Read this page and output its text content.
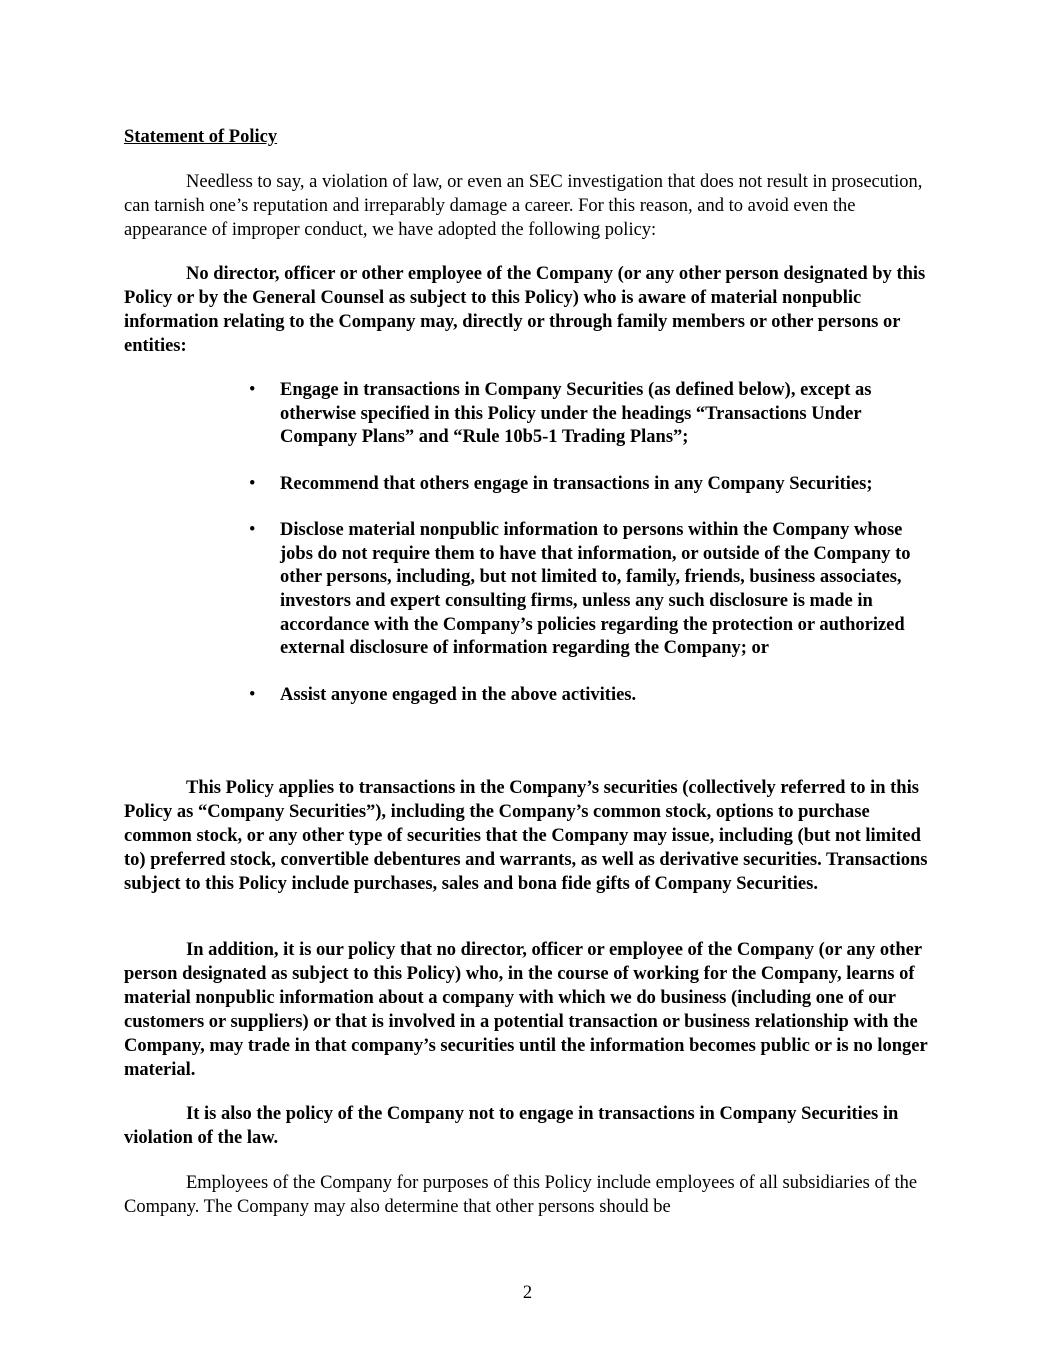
Statement of Policy

Needless to say, a violation of law, or even an SEC investigation that does not result in prosecution, can tarnish one’s reputation and irreparably damage a career. For this reason, and to avoid even the appearance of improper conduct, we have adopted the following policy:

No director, officer or other employee of the Company (or any other person designated by this Policy or by the General Counsel as subject to this Policy) who is aware of material nonpublic information relating to the Company may, directly or through family members or other persons or entities:

• Engage in transactions in Company Securities (as defined below), except as otherwise specified in this Policy under the headings “Transactions Under Company Plans” and “Rule 10b5-1 Trading Plans”;
• Recommend that others engage in transactions in any Company Securities;
• Disclose material nonpublic information to persons within the Company whose jobs do not require them to have that information, or outside of the Company to other persons, including, but not limited to, family, friends, business associates, investors and expert consulting firms, unless any such disclosure is made in accordance with the Company’s policies regarding the protection or authorized external disclosure of information regarding the Company; or
• Assist anyone engaged in the above activities.

This Policy applies to transactions in the Company’s securities (collectively referred to in this Policy as “Company Securities”), including the Company’s common stock, options to purchase common stock, or any other type of securities that the Company may issue, including (but not limited to) preferred stock, convertible debentures and warrants, as well as derivative securities. Transactions subject to this Policy include purchases, sales and bona fide gifts of Company Securities.

In addition, it is our policy that no director, officer or employee of the Company (or any other person designated as subject to this Policy) who, in the course of working for the Company, learns of material nonpublic information about a company with which we do business (including one of our customers or suppliers) or that is involved in a potential transaction or business relationship with the Company, may trade in that company’s securities until the information becomes public or is no longer material.

It is also the policy of the Company not to engage in transactions in Company Securities in violation of the law.

Employees of the Company for purposes of this Policy include employees of all subsidiaries of the Company. The Company may also determine that other persons should be

2
